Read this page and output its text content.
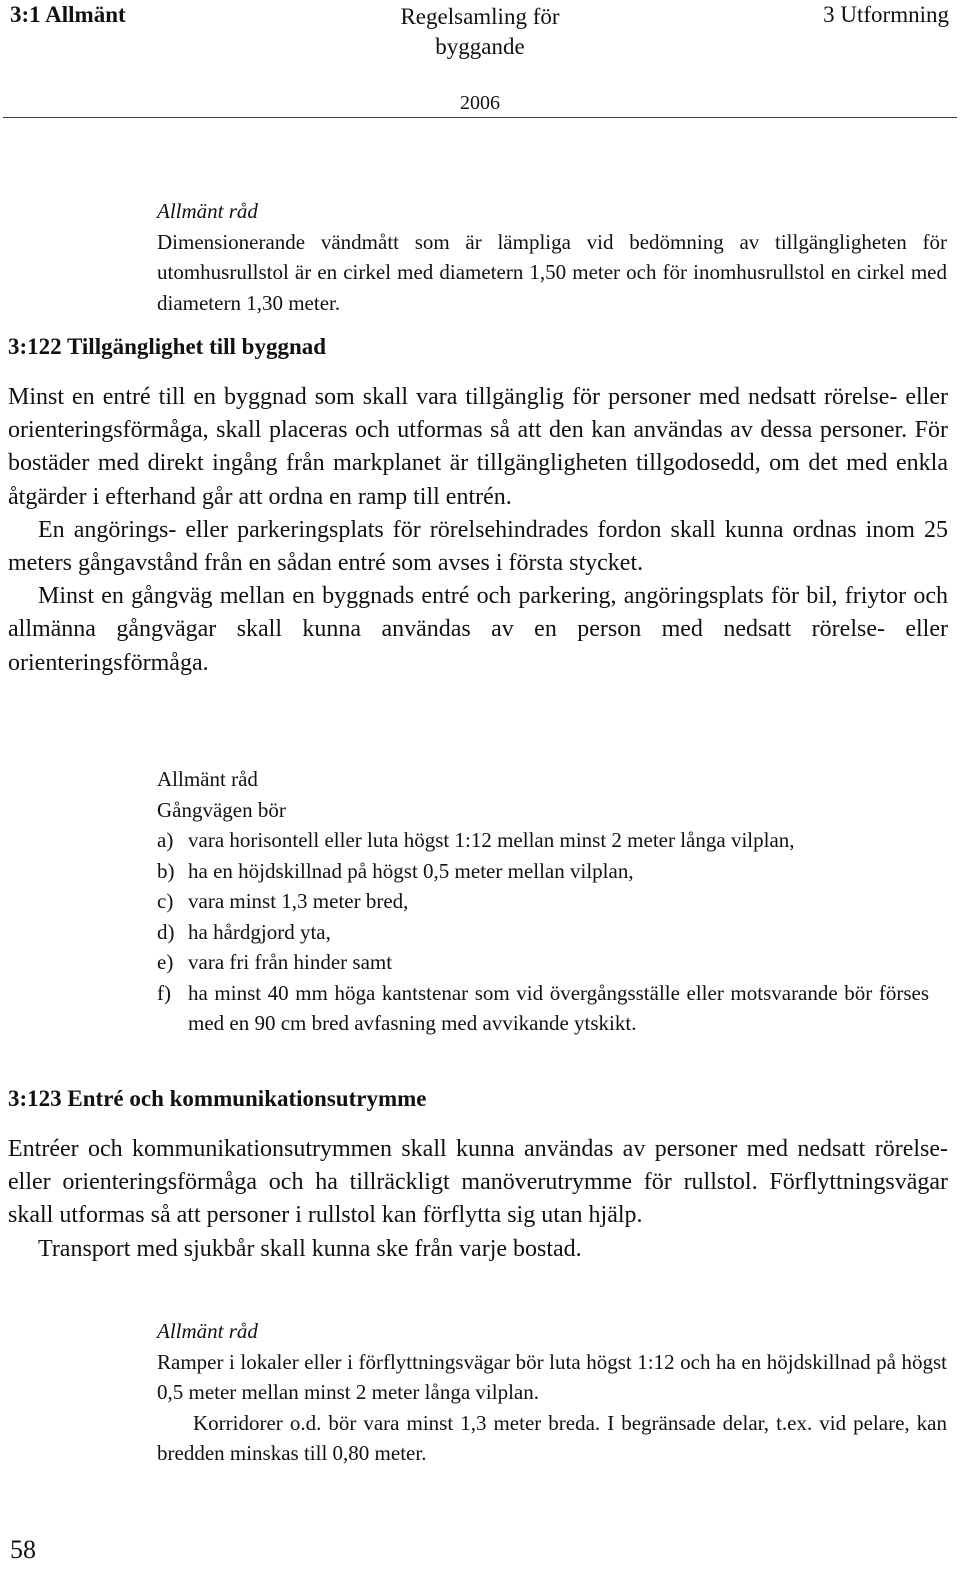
3:1 Allmänt	Regelsamling för
byggande
3 Utformning
2006
Allmänt råd

Dimensionerande vändmått som är lämpliga vid bedömning av tillgängligheten för utomhusrullstol är en cirkel med diametern 1,50 meter och för inomhusrullstol en cirkel med diametern 1,30 meter.

3:122 Tillgänglighet till byggnad

Minst en entré till en byggnad som skall vara tillgänglig för personer med nedsatt rörelse- eller orienteringsförmåga, skall placeras och utformas så att den kan användas av dessa personer. För bostäder med direkt ingång från markplanet är tillgängligheten tillgodosedd, om det med enkla åtgärder i efterhand går att ordna en ramp till entrén.

En angörings- eller parkeringsplats för rörelsehindrades fordon skall kunna ordnas inom 25 meters gångavstånd från en sådan entré som avses i första stycket.

Minst en gångväg mellan en byggnads entré och parkering, angöringsplats för bil, friytor och allmänna gångvägar skall kunna användas av en person med nedsatt rörelse- eller orienteringsförmåga.

Allmänt råd
Gångvägen bör
a) vara horisontell eller luta högst 1:12 mellan minst 2 meter långa vilplan,
b) ha en höjdskillnad på högst 0,5 meter mellan vilplan,
c) vara minst 1,3 meter bred,
d) ha hårdgjord yta,
e) vara fri från hinder samt
f) ha minst 40 mm höga kantstenar som vid övergångsställe eller motsvarande bör förses med en 90 cm bred avfasning med avvikande ytskikt.
3:123 Entré och kommunikationsutrymme

Entréer och kommunikationsutrymmen skall kunna användas av personer med nedsatt rörelse- eller orienteringsförmåga och ha tillräckligt manöverutrymme för rullstol. Förflyttningsvägar skall utformas så att personer i rullstol kan förflytta sig utan hjälp.

Transport med sjukbår skall kunna ske från varje bostad.

Allmänt råd

Ramper i lokaler eller i förflyttningsvägar bör luta högst 1:12 och ha en höjdskillnad på högst 0,5 meter mellan minst 2 meter långa vilplan.

Korridorer o.d. bör vara minst 1,3 meter breda. I begränsade delar, t.ex. vid pelare, kan bredden minskas till 0,80 meter.

58
